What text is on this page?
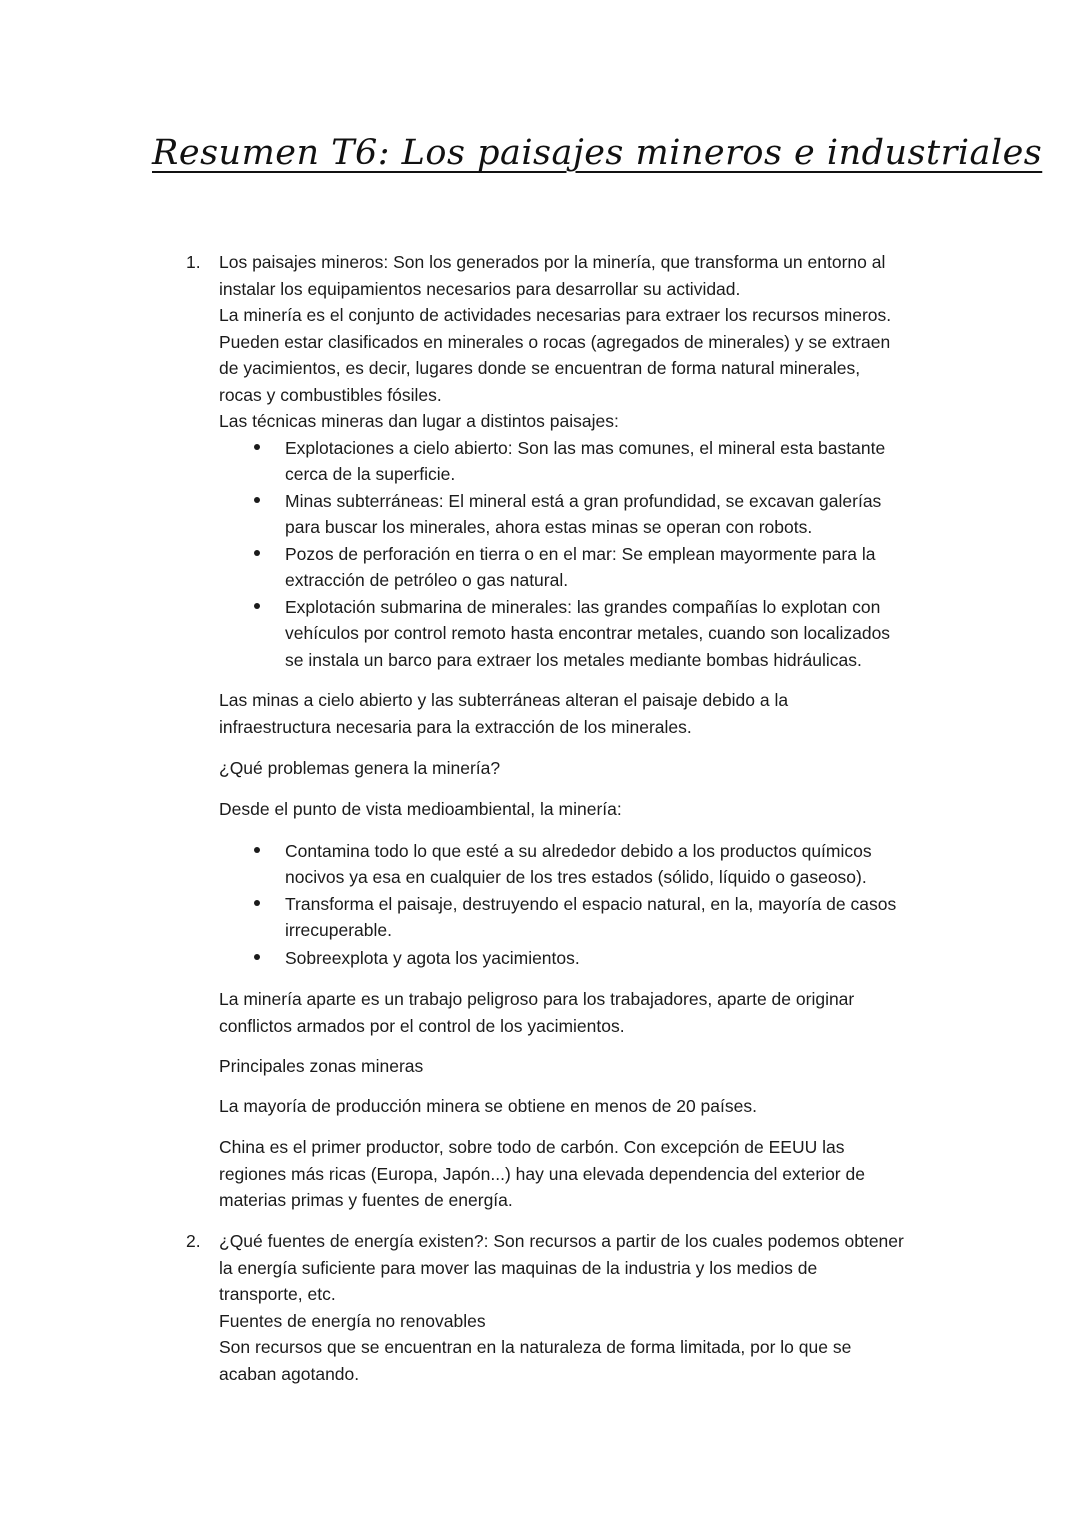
Resumen T6: Los paisajes mineros e industriales

1. Los paisajes mineros: Son los generados por la minería, que transforma un entorno al

instalar los equipamientos necesarios para desarrollar su actividad.

La minería es el conjunto de actividades necesarias para extraer los recursos mineros.

Pueden estar clasificados en minerales o rocas (agregados de minerales) y se extraen

de yacimientos, es decir, lugares donde se encuentran de forma natural minerales,

rocas y combustibles fósiles.

Las técnicas mineras dan lugar a distintos paisajes:

Explotaciones a cielo abierto: Son las mas comunes, el mineral esta bastante

cerca de la superficie.

Minas subterráneas: El mineral está a gran profundidad, se excavan galerías

para buscar los minerales, ahora estas minas se operan con robots.

Pozos de perforación en tierra o en el mar: Se emplean mayormente para la

extracción de petróleo o gas natural.

Explotación submarina de minerales: las grandes compañías lo explotan con

vehículos por control remoto hasta encontrar metales, cuando son localizados

se instala un barco para extraer los metales mediante bombas hidráulicas.

Las minas a cielo abierto y las subterráneas alteran el paisaje debido a la

infraestructura necesaria para la extracción de los minerales.

¿Qué problemas genera la minería?

Desde el punto de vista medioambiental, la minería:

Contamina todo lo que esté a su alrededor debido a los productos químicos

nocivos ya esa en cualquier de los tres estados (sólido, líquido o gaseoso).

Transforma el paisaje, destruyendo el espacio natural, en la, mayoría de casos

irrecuperable.

Sobreexplota y agota los yacimientos.

La minería aparte es un trabajo peligroso para los trabajadores, aparte de originar

conflictos armados por el control de los yacimientos.

Principales zonas mineras

La mayoría de producción minera se obtiene en menos de 20 países.

China es el primer productor, sobre todo de carbón. Con excepción de EEUU las

regiones más ricas (Europa, Japón...) hay una elevada dependencia del exterior de

materias primas y fuentes de energía.

2. ¿Qué fuentes de energía existen?: Son recursos a partir de los cuales podemos obtener

la energía suficiente para mover las maquinas de la industria y los medios de

transporte, etc.

Fuentes de energía no renovables

Son recursos que se encuentran en la naturaleza de forma limitada, por lo que se

acaban agotando.
